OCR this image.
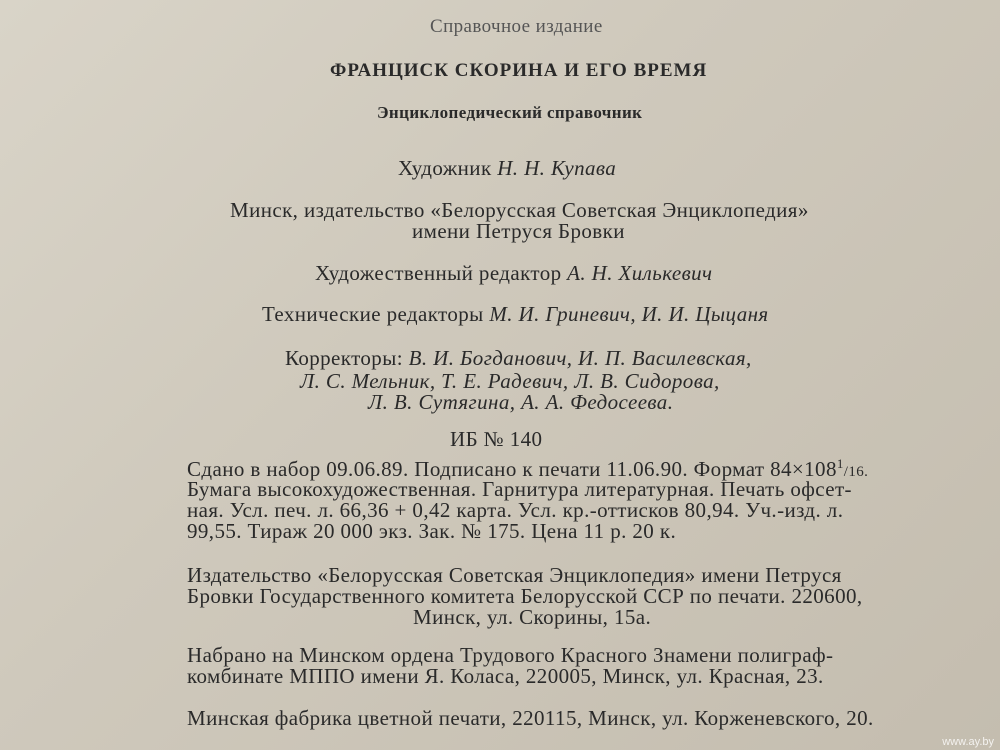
Справочное издание
ФРАНЦИСК СКОРИНА И ЕГО ВРЕМЯ
Энциклопедический справочник
Художник Н. Н. Купава
Минск, издательство «Белорусская Советская Энциклопедия»
имени Петруся Бровки
Художественный редактор А. Н. Хилькевич
Технические редакторы М. И. Гриневич, И. И. Цыцаня
Корректоры: В. И. Богданович, И. П. Василевская,
Л. С. Мельник, Т. Е. Радевич, Л. В. Сидорова,
Л. В. Сутягина, А. А. Федосеева.
ИБ № 140
Сдано в набор 09.06.89. Подписано к печати 11.06.90. Формат $84\times 108^1/16$.
Бумага высокохудожественная. Гарнитура литературная. Печать офсет-
ная. Усл. печ. л. 66,36 + 0,42 карта. Усл. кр.-оттисков 80,94. Уч.-изд. л.
99,55. Тираж 20 000 экз. Зак. № 175. Цена 11 р. 20 к.
Издательство «Белорусская Советская Энциклопедия» имени Петруся
Бровки Государственного комитета Белорусской ССР по печати. 220600,
Минск, ул. Скорины, 15а.
Набрано на Минском ордена Трудового Красного Знамени полиграф-
комбинате МППО имени Я. Коласа, 220005, Минск, ул. Красная, 23.
Минская фабрика цветной печати, 220115, Минск, ул. Корженевского, 20.
www.ay.by
